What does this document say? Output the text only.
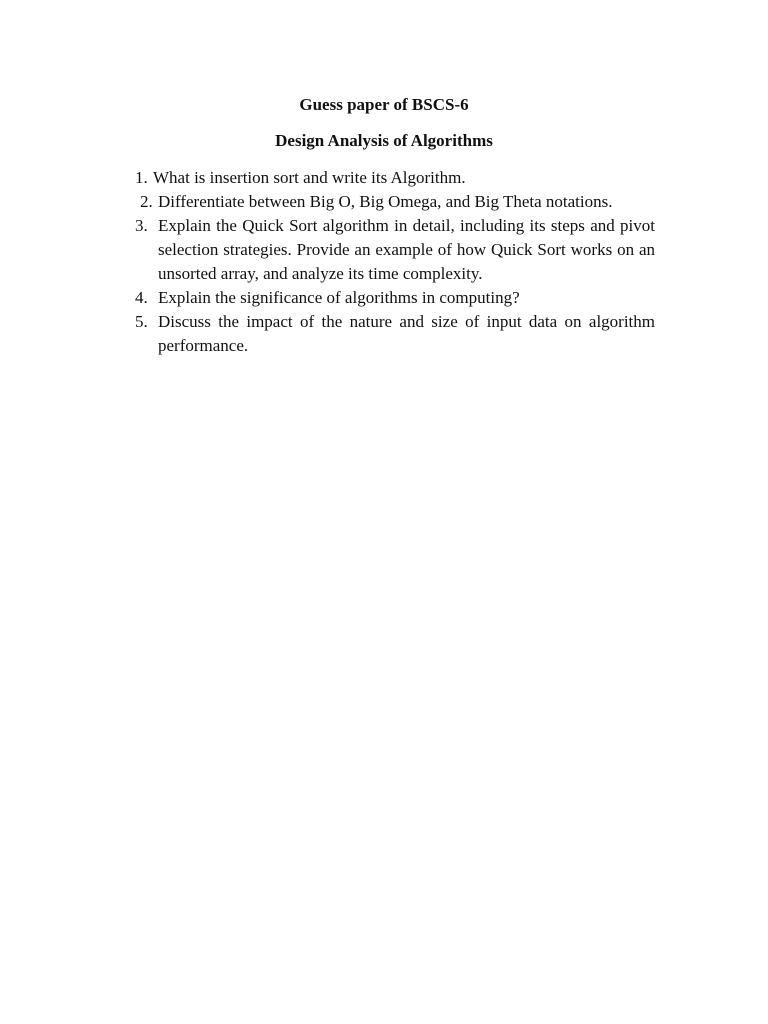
Guess paper of BSCS-6
Design Analysis of Algorithms

1. What is insertion sort and write its Algorithm.

2. Differentiate between Big O, Big Omega, and Big Theta notations.

3. Explain the Quick Sort algorithm in detail, including its steps and pivot selection strategies. Provide an example of how Quick Sort works on an unsorted array, and analyze its time complexity.

4. Explain the significance of algorithms in computing?

5. Discuss the impact of the nature and size of input data on algorithm performance.
